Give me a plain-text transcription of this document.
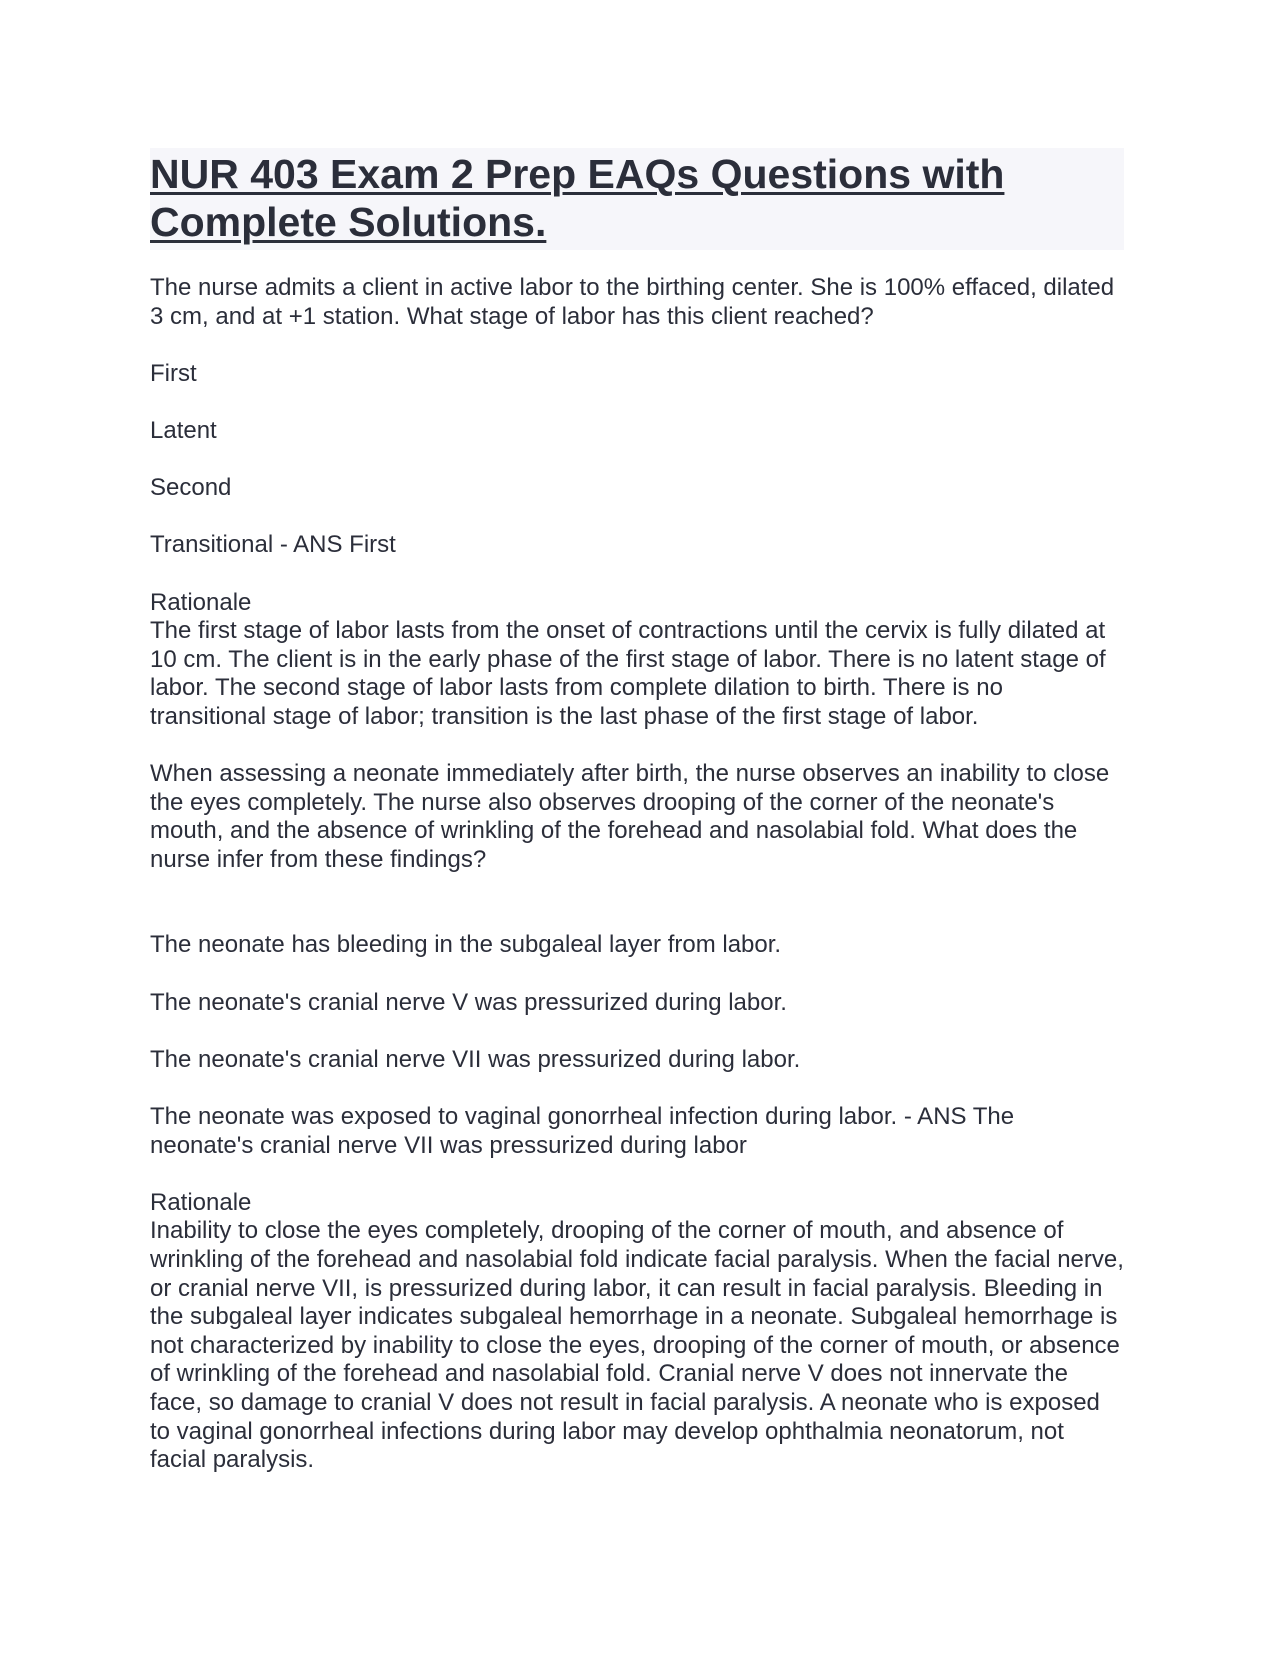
NUR 403 Exam 2 Prep EAQs Questions with Complete Solutions.

The nurse admits a client in active labor to the birthing center. She is 100% effaced, dilated 3 cm, and at +1 station. What stage of labor has this client reached?

First

Latent

Second

Transitional - ANS First

Rationale

The first stage of labor lasts from the onset of contractions until the cervix is fully dilated at 10 cm. The client is in the early phase of the first stage of labor. There is no latent stage of labor. The second stage of labor lasts from complete dilation to birth. There is no transitional stage of labor; transition is the last phase of the first stage of labor.

When assessing a neonate immediately after birth, the nurse observes an inability to close the eyes completely. The nurse also observes drooping of the corner of the neonate's mouth, and the absence of wrinkling of the forehead and nasolabial fold. What does the nurse infer from these findings?

The neonate has bleeding in the subgaleal layer from labor.

The neonate's cranial nerve V was pressurized during labor.

The neonate's cranial nerve VII was pressurized during labor.

The neonate was exposed to vaginal gonorrheal infection during labor. - ANS The neonate's cranial nerve VII was pressurized during labor

Rationale

Inability to close the eyes completely, drooping of the corner of mouth, and absence of wrinkling of the forehead and nasolabial fold indicate facial paralysis. When the facial nerve, or cranial nerve VII, is pressurized during labor, it can result in facial paralysis. Bleeding in the subgaleal layer indicates subgaleal hemorrhage in a neonate. Subgaleal hemorrhage is not characterized by inability to close the eyes, drooping of the corner of mouth, or absence of wrinkling of the forehead and nasolabial fold. Cranial nerve V does not innervate the face, so damage to cranial V does not result in facial paralysis. A neonate who is exposed to vaginal gonorrheal infections during labor may develop ophthalmia neonatorum, not facial paralysis.
